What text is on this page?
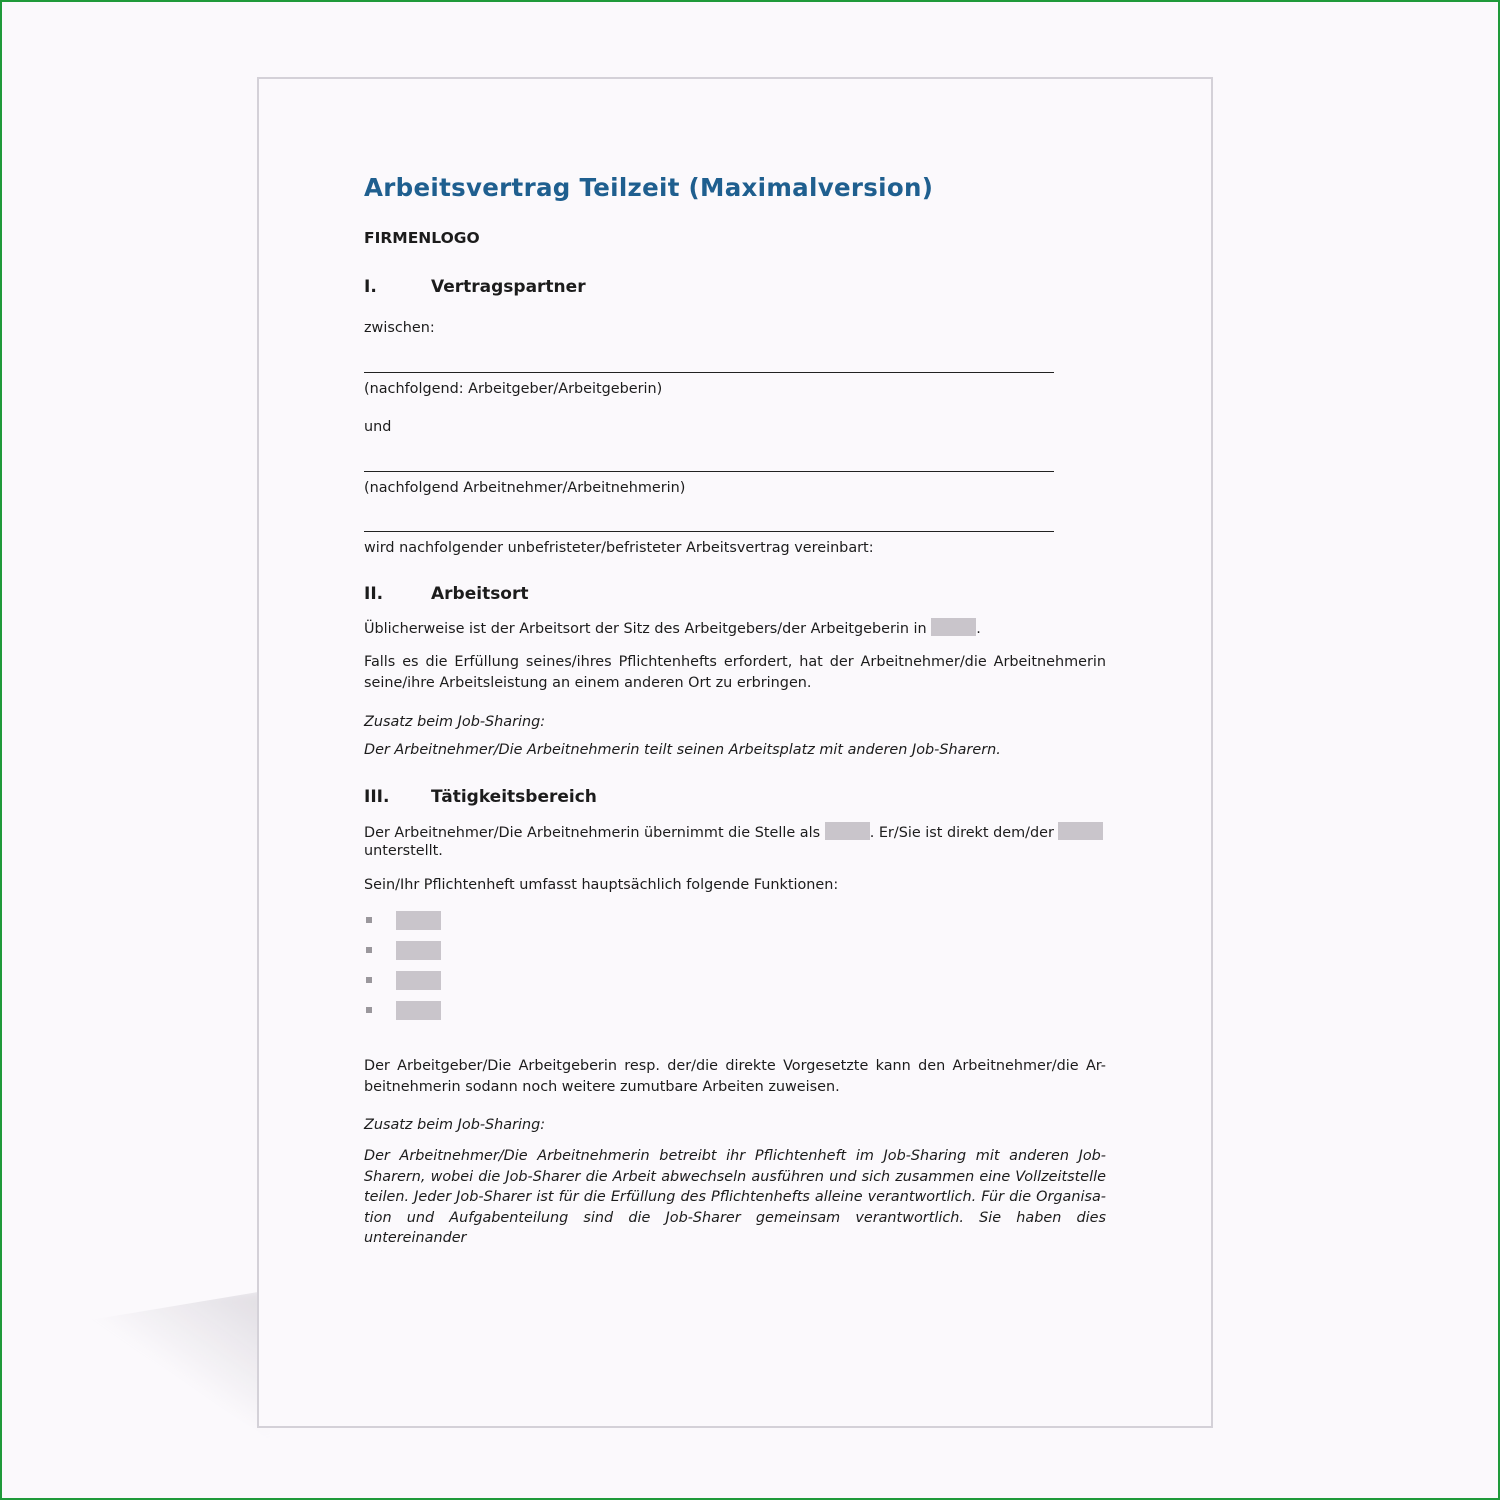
Arbeitsvertrag Teilzeit (Maximalversion)
FIRMENLOGO
I.	Vertragspartner
zwischen:
(nachfolgend: Arbeitgeber/Arbeitgeberin)
und
(nachfolgend Arbeitnehmer/Arbeitnehmerin)
wird nachfolgender unbefristeter/befristeter Arbeitsvertrag vereinbart:
II.	Arbeitsort
Üblicherweise ist der Arbeitsort der Sitz des Arbeitgebers/der Arbeitgeberin in	.
Falls es die Erfüllung seines/ihres Pflichtenhefts erfordert, hat der Arbeitnehmer/die Arbeitnehmerin
seine/ihre Arbeitsleistung an einem anderen Ort zu erbringen.
Zusatz beim Job-Sharing:
Der Arbeitnehmer/Die Arbeitnehmerin teilt seinen Arbeitsplatz mit anderen Job-Sharern.
III. Tätigkeitsbereich
Der Arbeitnehmer/Die Arbeitnehmerin übernimmt die Stelle als	. Er/Sie ist direkt dem/der
unterstellt.
Sein/Ihr Pflichtenheft umfasst hauptsächlich folgende Funktionen:
Der Arbeitgeber/Die Arbeitgeberin resp. der/die direkte Vorgesetzte kann den Arbeitnehmer/die Ar-
beitnehmerin sodann noch weitere zumutbare Arbeiten zuweisen.
Zusatz beim Job-Sharing:
Der Arbeitnehmer/Die Arbeitnehmerin betreibt ihr Pflichtenheft im Job-Sharing mit anderen Job-
Sharern, wobei die Job-Sharer die Arbeit abwechseln ausführen und sich zusammen eine Vollzeitstelle
teilen. Jeder Job-Sharer ist für die Erfüllung des Pflichtenhefts alleine verantwortlich. Für die Organisa-
tion und Aufgabenteilung sind die Job-Sharer gemeinsam verantwortlich. Sie haben dies untereinander
